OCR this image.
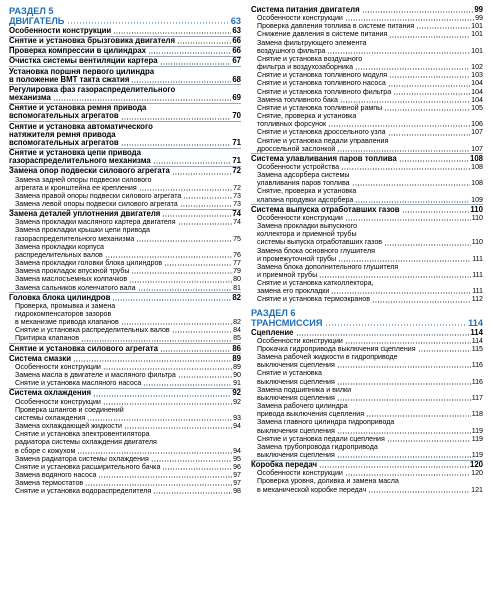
РАЗДЕЛ 5
ДВИГАТЕЛЬ	63
Особенности конструкции	63
Снятие и установка брызговика двигателя	66
Проверка компрессии в цилиндрах	66
Очистка системы вентиляции картера	67
Установка поршня первого цилиндра
в положение ВМТ такта сжатия	68
Регулировка фаз газораспределительного
механизма	69
Снятие и установка ремня привода
вспомогательных агрегатов	70
Снятие и установка автоматического
натяжителя ремня привода
вспомогательных агрегатов	71
Снятие и установка цепи привода
газораспределительного механизма	71
Замена опор подвески силового агрегата	72
Замена задней опоры подвески силового
агрегата и кронштейна ее крепления	72
Замена правой опоры подвески силового агрегата	73
Замена левой опоры подвески силового агрегата	73
Замена деталей уплотнения двигателя	74
Замена прокладки масляного картера двигателя	74
Замена прокладки крышки цепи привода
газораспределительного механизма	75
Замена прокладки корпуса
распределительных валов	76
Замена прокладки головки блока цилиндров	77
Замена прокладок впускной трубы	79
Замена маслосъемных колпачков	80
Замена сальников коленчатого вала	81
Головка блока цилиндров	82
Проверка, промывка и замена
гидрокомпенсаторов зазоров
в механизме привода клапанов	82
Снятие и установка распределительных валов	84
Притирка клапанов	85
Снятие и установка силового агрегата	86
Система смазки	89
Особенности конструкции	89
Замена масла в двигателе и масляного фильтра	90
Снятие и установка масляного насоса	91
Система охлаждения	92
Особенности конструкции	92
Проверка шлангов и соединений
системы охлаждения	93
Замена охлаждающей жидкости	94
Снятие и установка электровентилятора
радиатора системы охлаждения двигателя
в сборе с кожухом	94
Замена радиатора системы охлаждения	95
Снятие и установка расширительного бачка	96
Замена водяного насоса	97
Замена термостатов	97
Снятие и установка водораспределителя	98
Система питания двигателя	99
Особенности конструкции	99
Проверка давления топлива в системе питания	101
Снижение давления в системе питания	101
Замена фильтрующего элемента
воздушного фильтра	101
Снятие и установка воздушного
фильтра и воздухозаборника	102
Снятие и установка топливного модуля	103
Снятие и установка топливного насоса	104
Снятие и установка топливного фильтра	104
Замена топливного бака	104
Снятие и установка топливной рампы	105
Снятие, проверка и установка
топливных форсунок	106
Снятие и установка дроссельного узла	107
Снятие и установка педали управления
дроссельной заслонкой	107
Система улавливания паров топлива	108
Особенности устройства	108
Замена адсорбера системы
улавливания паров топлива	108
Снятие, проверка и установка
клапана продувки адсорбера	109
Система выпуска отработавших газов	110
Особенности конструкции	110
Замена прокладки выпускного
коллектора и приемной трубы
системы выпуска отработавших газов	110
Замена блока основного глушителя
и промежуточной трубы	111
Замена блока дополнительного глушителя
и приемной трубы	111
Снятие и установка катколлектора,
замена его прокладки	111
Снятие и установка термоэкранов	112
РАЗДЕЛ 6
ТРАНСМИССИЯ	114
Сцепление	114
Особенности конструкции	114
Прокачка гидропривода выключения сцепления	115
Замена рабочей жидкости в гидроприводе
выключения сцепления	116
Снятие и установка
выключения сцепления	116
Замена подшипника и вилки
выключения сцепления	117
Замена рабочего цилиндра
привода выключения сцепления	118
Замена главного цилиндра гидропривода
выключения сцепления	119
Снятие и установка педали сцепления	119
Замена трубопровода гидропривода
выключения сцепления	119
Коробка передач	120
Особенности конструкции	120
Проверка уровня, доливка и замена масла
в механической коробке передач	121
